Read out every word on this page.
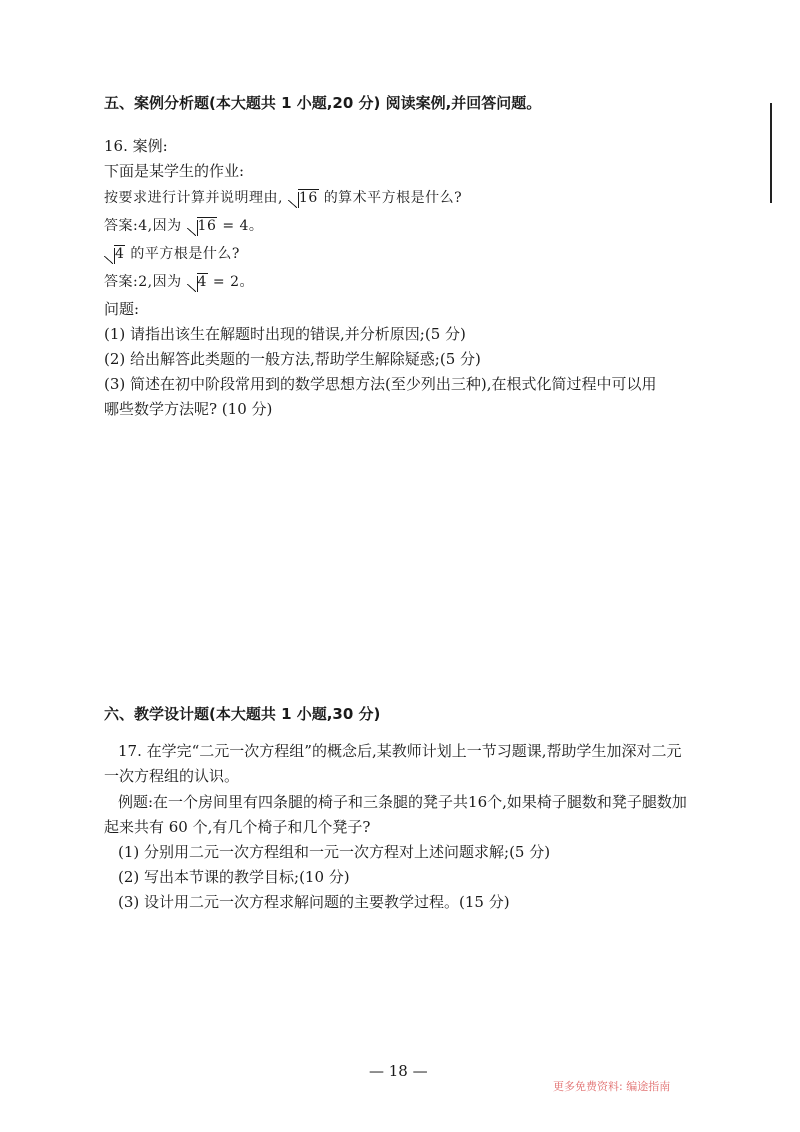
五、案例分析题(本大题共 1 小题,20 分) 阅读案例,并回答问题。
16. 案例:
下面是某学生的作业:
按要求进行计算并说明理由, 16 的算术平方根是什么?
答案:4,因为 16 = 4。
4 的平方根是什么?
答案:2,因为 4 = 2。
问题:
(1) 请指出该生在解题时出现的错误,并分析原因;(5 分)
(2) 给出解答此类题的一般方法,帮助学生解除疑惑;(5 分)
(3) 简述在初中阶段常用到的数学思想方法(至少列出三种),在根式化简过程中可以用
哪些数学方法呢? (10 分)
六、教学设计题(本大题共 1 小题,30 分)
17. 在学完“二元一次方程组”的概念后,某教师计划上一节习题课,帮助学生加深对二元
一次方程组的认识。
例题:在一个房间里有四条腿的椅子和三条腿的凳子共16个,如果椅子腿数和凳子腿数加
起来共有 60 个,有几个椅子和几个凳子?
(1) 分别用二元一次方程组和一元一次方程对上述问题求解;(5 分)
(2) 写出本节课的教学目标;(10 分)
(3) 设计用二元一次方程求解问题的主要教学过程。(15 分)
— 18 —
更多免费资料: 编途指南
